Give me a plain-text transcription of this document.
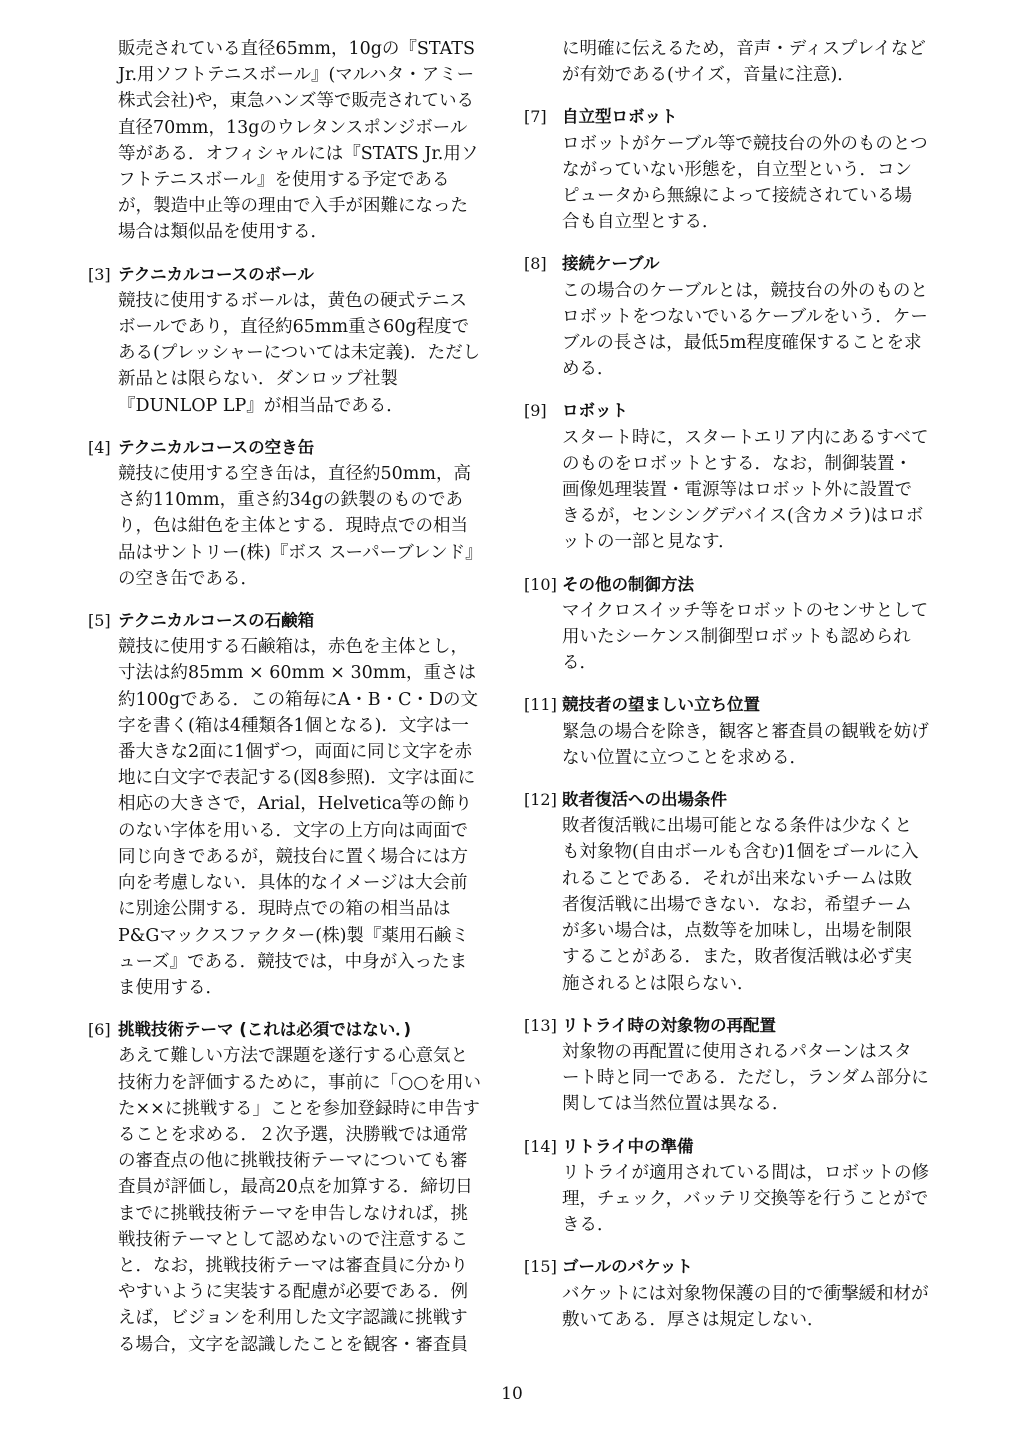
販売されている直径65mm，10gの『STATS Jr.用ソフトテニスボール』(マルハタ・アミー株式会社)や，東急ハンズ等で販売されている直径70mm，13gのウレタンスポンジボール等がある．オフィシャルには『STATS Jr.用ソフトテニスボール』を使用する予定であるが，製造中止等の理由で入手が困難になった場合は類似品を使用する．

[3] テクニカルコースのボール
競技に使用するボールは，黄色の硬式テニスボールであり，直径約65mm重さ60g程度である(プレッシャーについては未定義)．ただし新品とは限らない．ダンロップ社製『DUNLOP LP』が相当品である．
[4] テクニカルコースの空き缶
競技に使用する空き缶は，直径約50mm，高さ約110mm，重さ約34gの鉄製のものであり，色は紺色を主体とする．現時点での相当品はサントリー(株)『ボス スーパーブレンド』の空き缶である．
[5] テクニカルコースの石鹸箱
競技に使用する石鹸箱は，赤色を主体とし，寸法は約85mm × 60mm × 30mm，重さは約100gである．この箱毎にA・B・C・Dの文字を書く(箱は4種類各1個となる)．文字は一番大きな2面に1個ずつ，両面に同じ文字を赤地に白文字で表記する(図8参照)．文字は面に相応の大きさで，Arial，Helvetica等の飾りのない字体を用いる．文字の上方向は両面で同じ向きであるが，競技台に置く場合には方向を考慮しない．具体的なイメージは大会前に別途公開する．現時点での箱の相当品はP&Gマックスファクター(株)製『薬用石鹸ミューズ』である．競技では，中身が入ったまま使用する．
[6] 挑戦技術テーマ (これは必須ではない．)
あえて難しい方法で課題を遂行する心意気と技術力を評価するために，事前に「○○を用いた××に挑戦する」ことを参加登録時に申告することを求める．２次予選，決勝戦では通常の審査点の他に挑戦技術テーマについても審査員が評価し，最高20点を加算する．締切日までに挑戦技術テーマを申告しなければ，挑戦技術テーマとして認めないので注意すること．なお，挑戦技術テーマは審査員に分かりやすいように実装する配慮が必要である．例えば，ビジョンを利用した文字認識に挑戦する場合，文字を認識したことを観客・審査員

に明確に伝えるため，音声・ディスプレイなどが有効である(サイズ，音量に注意)．

[7] 自立型ロボット
ロボットがケーブル等で競技台の外のものとつながっていない形態を，自立型という．コンピュータから無線によって接続されている場合も自立型とする．
[8] 接続ケーブル
この場合のケーブルとは，競技台の外のものとロボットをつないでいるケーブルをいう．ケーブルの長さは，最低5m程度確保することを求める．
[9] ロボット
スタート時に，スタートエリア内にあるすべてのものをロボットとする．なお，制御装置・画像処理装置・電源等はロボット外に設置できるが，センシングデバイス(含カメラ)はロボットの一部と見なす．
[10] その他の制御方法
マイクロスイッチ等をロボットのセンサとして用いたシーケンス制御型ロボットも認められる．
[11] 競技者の望ましい立ち位置
緊急の場合を除き，観客と審査員の観戦を妨げない位置に立つことを求める．
[12] 敗者復活への出場条件
敗者復活戦に出場可能となる条件は少なくとも対象物(自由ボールも含む)1個をゴールに入れることである．それが出来ないチームは敗者復活戦に出場できない．なお，希望チームが多い場合は，点数等を加味し，出場を制限することがある．また，敗者復活戦は必ず実施されるとは限らない．
[13] リトライ時の対象物の再配置
対象物の再配置に使用されるパターンはスタート時と同一である．ただし，ランダム部分に関しては当然位置は異なる．
[14] リトライ中の準備
リトライが適用されている間は，ロボットの修理，チェック，バッテリ交換等を行うことができる．
[15] ゴールのバケット
バケットには対象物保護の目的で衝撃緩和材が敷いてある．厚さは規定しない．
10
